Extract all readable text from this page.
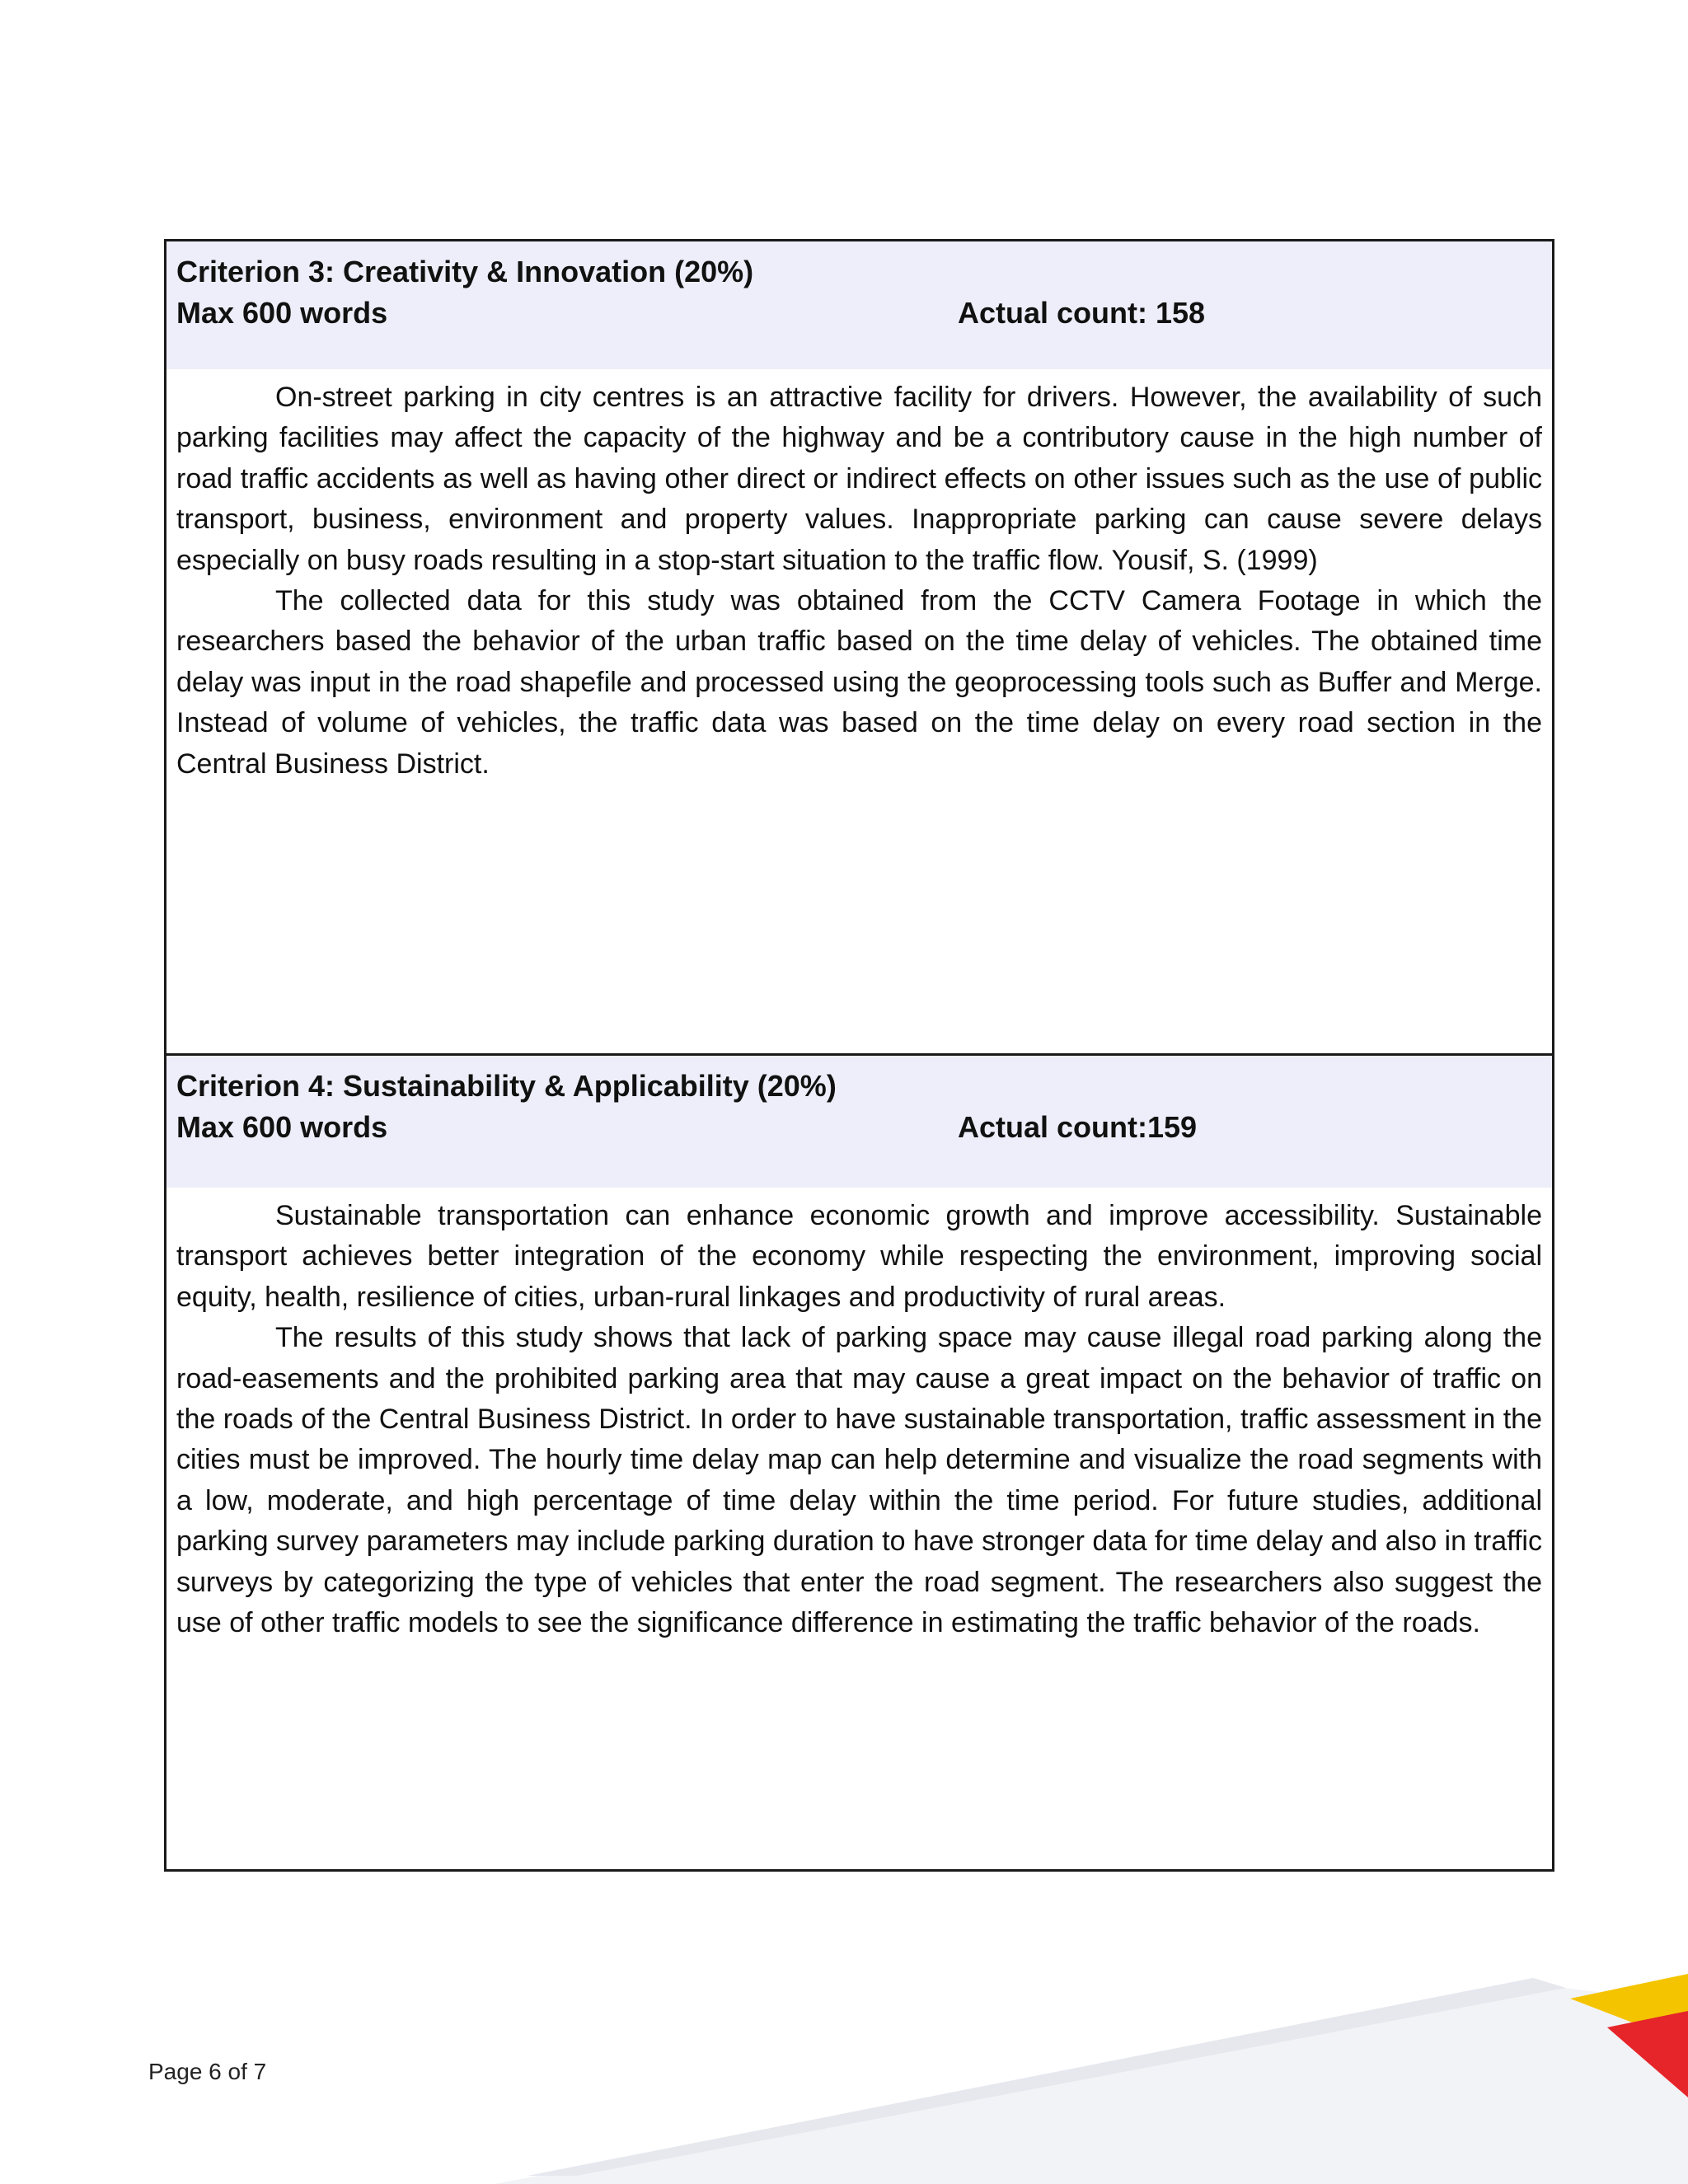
Criterion 3: Creativity & Innovation (20%)
Max 600 words	Actual count: 158

On-street parking in city centres is an attractive facility for drivers. However, the availability of such parking facilities may affect the capacity of the highway and be a contributory cause in the high number of road traffic accidents as well as having other direct or indirect effects on other issues such as the use of public transport, business, environment and property values. Inappropriate parking can cause severe delays especially on busy roads resulting in a stop-start situation to the traffic flow. Yousif, S. (1999)

The collected data for this study was obtained from the CCTV Camera Footage in which the researchers based the behavior of the urban traffic based on the time delay of vehicles. The obtained time delay was input in the road shapefile and processed using the geoprocessing tools such as Buffer and Merge. Instead of volume of vehicles, the traffic data was based on the time delay on every road section in the Central Business District.

Criterion 4: Sustainability & Applicability (20%)
Max 600 words	Actual count:159

Sustainable transportation can enhance economic growth and improve accessibility. Sustainable transport achieves better integration of the economy while respecting the environment, improving social equity, health, resilience of cities, urban-rural linkages and productivity of rural areas.

The results of this study shows that lack of parking space may cause illegal road parking along the road-easements and the prohibited parking area that may cause a great impact on the behavior of traffic on the roads of the Central Business District. In order to have sustainable transportation, traffic assessment in the cities must be improved. The hourly time delay map can help determine and visualize the road segments with a low, moderate, and high percentage of time delay within the time period. For future studies, additional parking survey parameters may include parking duration to have stronger data for time delay and also in traffic surveys by categorizing the type of vehicles that enter the road segment. The researchers also suggest the use of other traffic models to see the significance difference in estimating the traffic behavior of the roads.

Page 6 of 7
